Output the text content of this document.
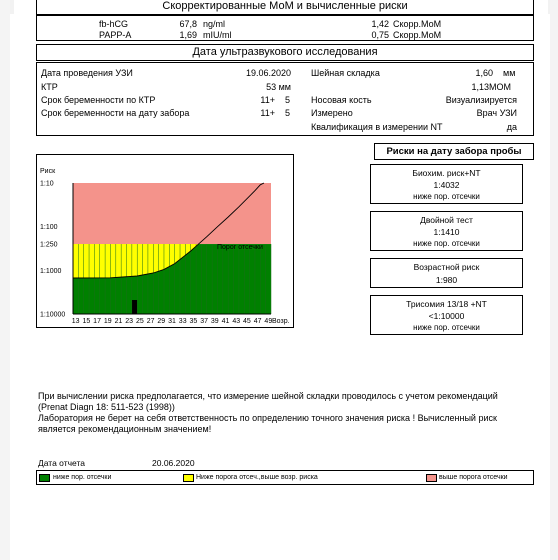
Скорректированные МоМ и вычисленные риски
fb-hCG	67,8 ng/ml	1,42 Скорр.МоМ
PAPP-A	1,69 mIU/ml	0,75 Скорр.МоМ
Дата ультразвукового исследования
Дата проведения УЗИ	19.06.2020
КТР	53 мм
Срок беременности по КТР	11+ 5
Срок беременности на дату забора	11+ 5
Шейная складка	1,60 мм
1,13МОМ
Носовая кость	Визуализируется
Измерено	Врач УЗИ
Квалификация в измерении NT	да
Риск
Возр.
Порог отсечки
1:10
1:100
1:250
1:1000
1:10000
13 15 17 19 21 23 25 27 29 31 33 35 37 39 41 43 45 47 49
Риски на дату забора пробы
Биохим. риск+NT
1:4032
ниже пор. отсечки
Двойной тест
1:1410
ниже пор. отсечки
Возрастной риск
1:980
Трисомия 13/18 +NT
<1:10000
ниже пор. отсечки
При вычислении риска предполагается, что измерение шейной складки проводилось с учетом рекомендаций
(Prenat Diagn 18: 511-523 (1998))
Лаборатория не берет на себя ответственность по определению точного значения риска ! Вычисленный риск
является рекомендационным значением!
Дата отчета	20.06.2020
ниже пор. отсечки	Ниже порога отсеч.,выше возр. риска	выше порога отсечки
